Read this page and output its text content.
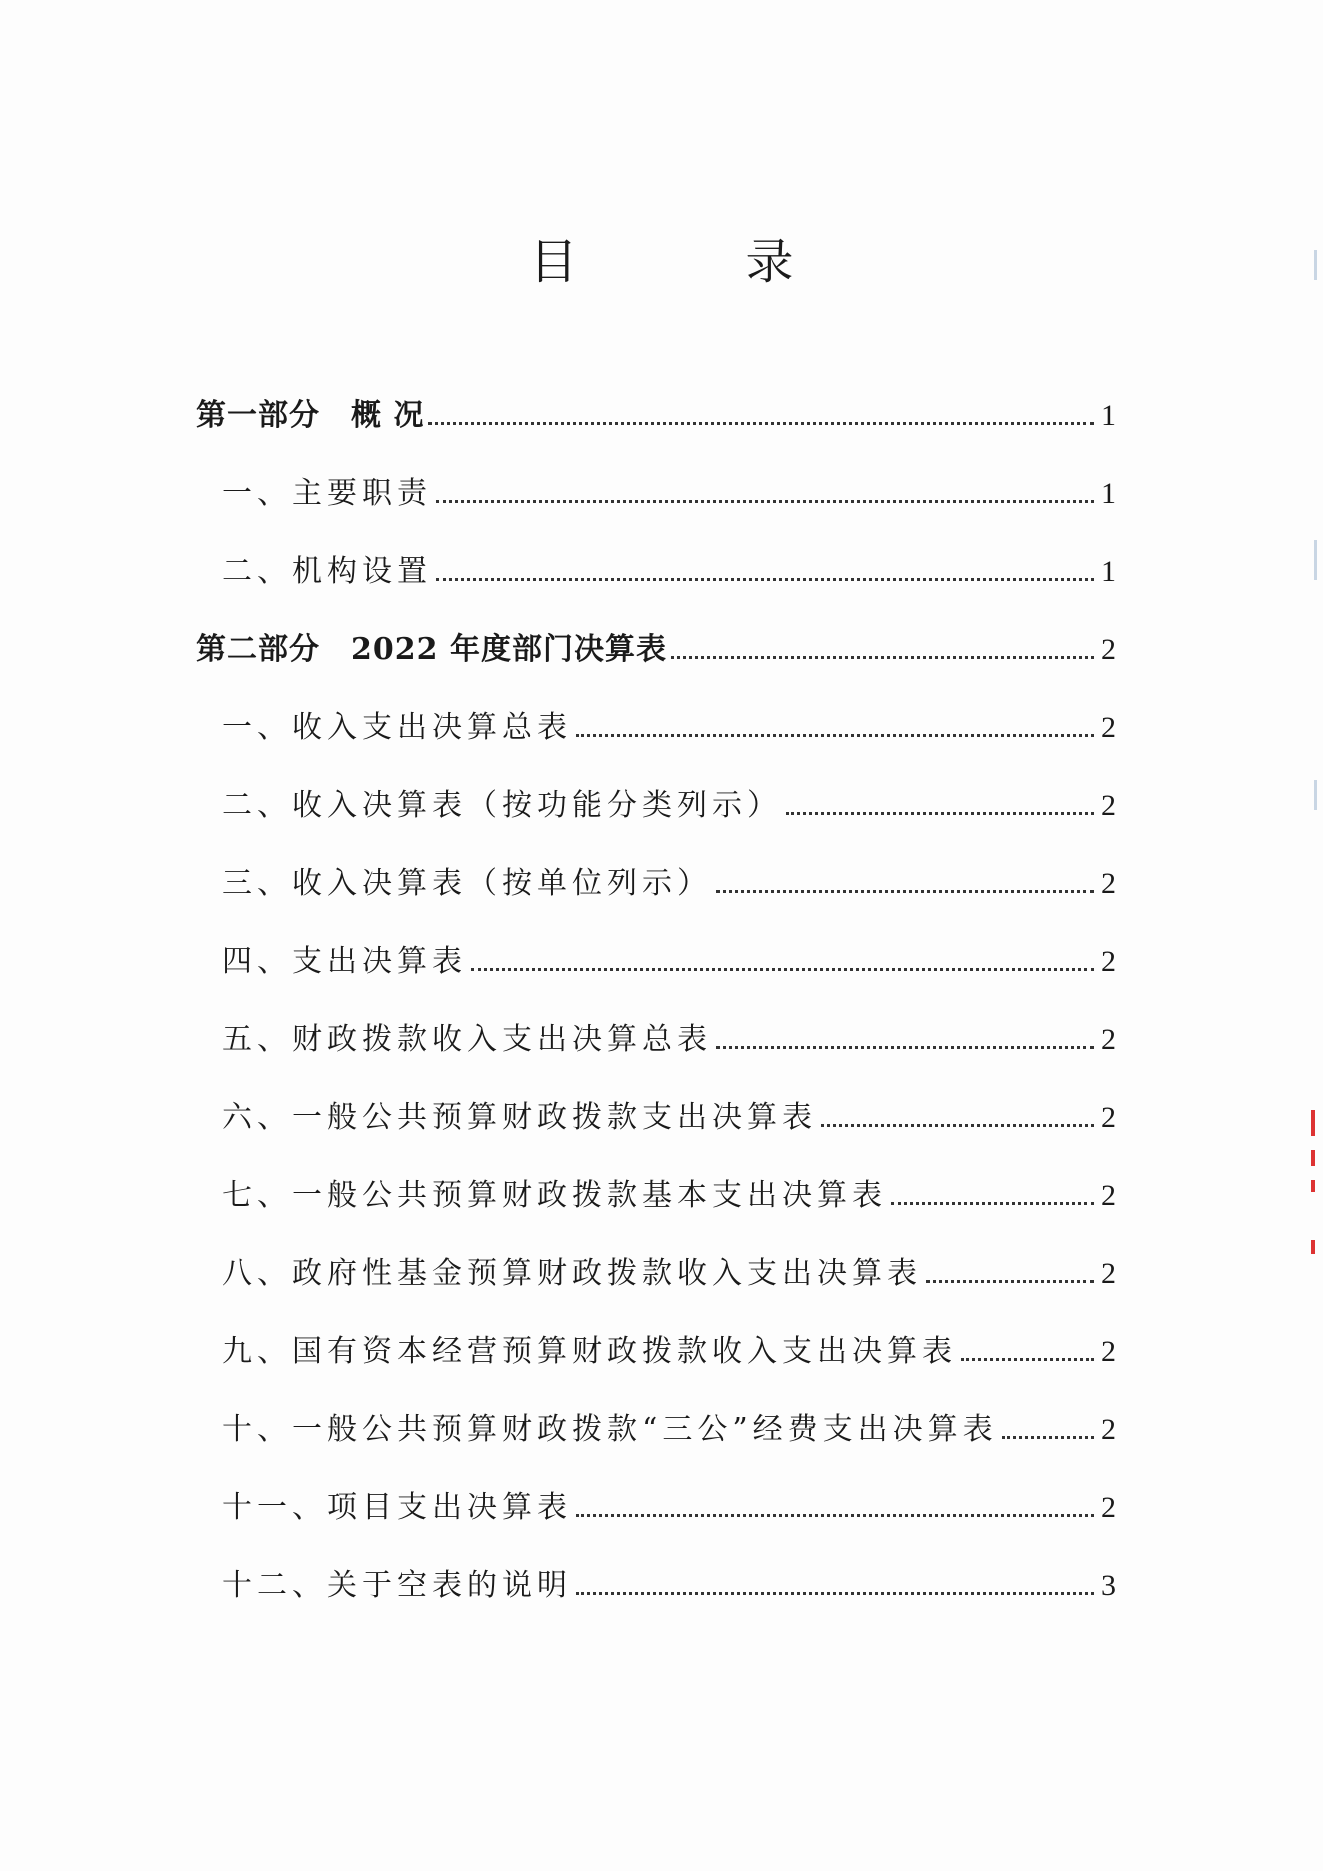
目　录
第一部分　概 况	1
一、主要职责	1
二、机构设置	1
第二部分　2022 年度部门决算表	2
一、收入支出决算总表	2
二、收入决算表（按功能分类列示）	2
三、收入决算表（按单位列示）	2
四、支出决算表	2
五、财政拨款收入支出决算总表	2
六、一般公共预算财政拨款支出决算表	2
七、一般公共预算财政拨款基本支出决算表	2
八、政府性基金预算财政拨款收入支出决算表	2
九、国有资本经营预算财政拨款收入支出决算表	2
十、一般公共预算财政拨款“三公”经费支出决算表	2
十一、项目支出决算表	2
十二、关于空表的说明	3
